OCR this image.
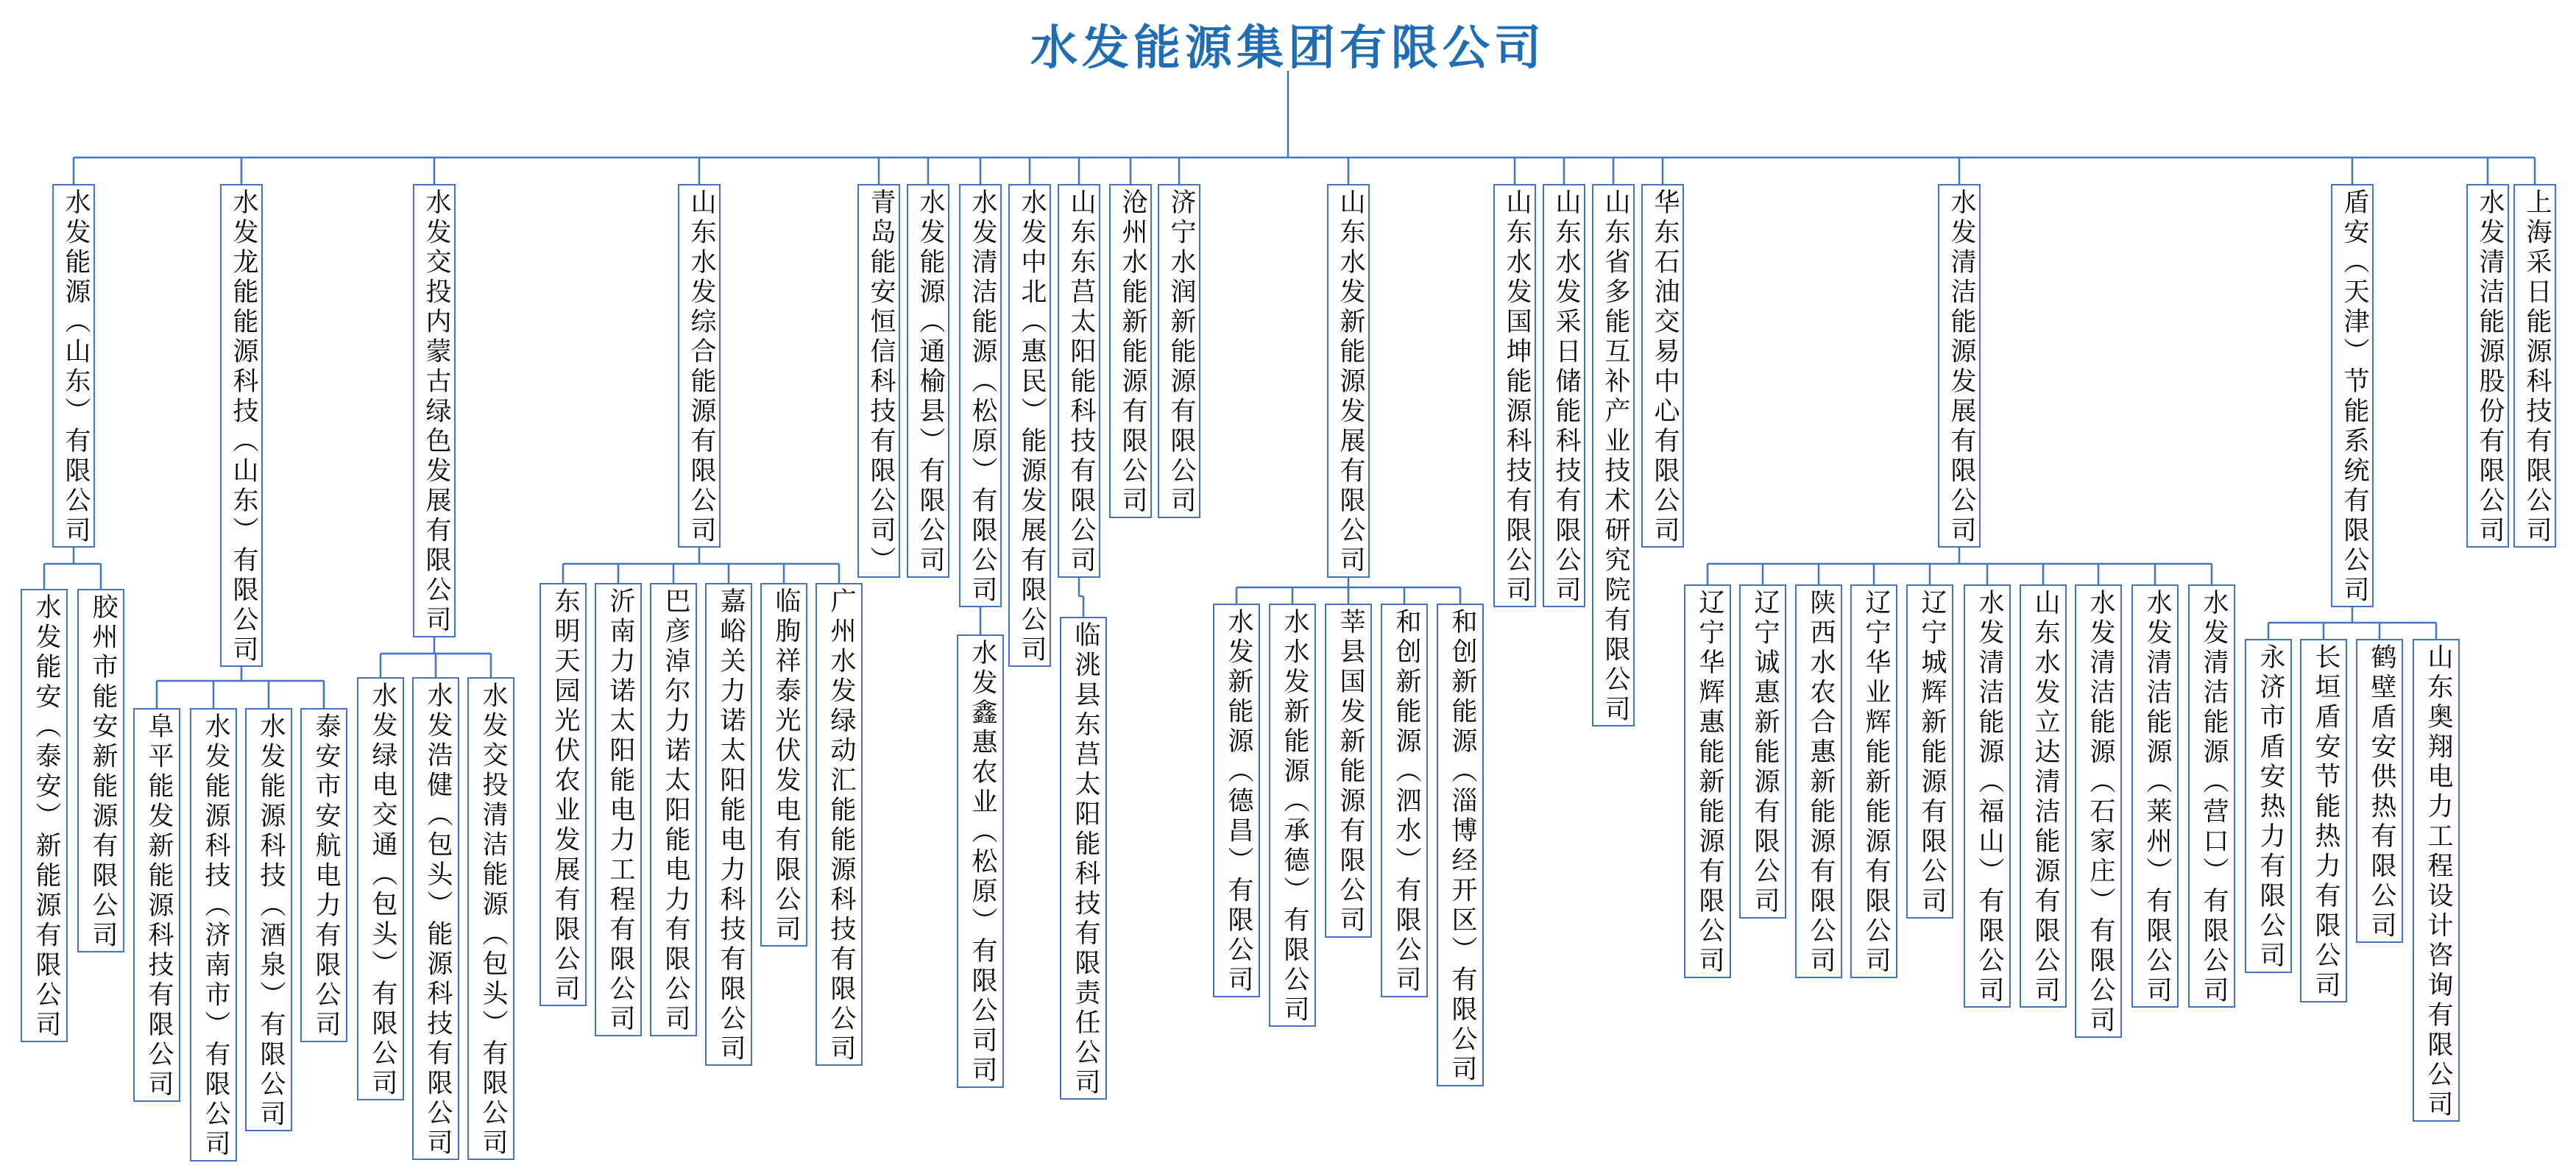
水发能源集团有限公司
水发能源（山东）有限公司
水发能安（泰安）新能源有限公司	胶州市能安新能源有限公司
水发龙能能源科技（山东）有限公司
阜平能发新能源科技有限公司	水发能源科技（济南市）有限公司	水发能源科技（酒泉）有限公司	泰安市安航电力有限公司
水发交投内蒙古绿色发展有限公司
水发绿电交通（包头）有限公司	水发浩健（包头）能源科技有限公司	水发交投清洁能源（包头）有限公司
山东水发综合能源有限公司
东明天园光伏农业发展有限公司	沂南力诺太阳能电力工程有限公司	巴彦淖尔力诺太阳能电力有限公司	嘉峪关力诺太阳能电力科技有限公司	临朐祥泰光伏发电有限公司	广州水发绿动汇能能源科技有限公司
青岛能安恒信科技有限公司） 水发能源（通榆县）有限公司 水发清洁能源（松原）有限公司
水发鑫惠农业（松原）有限公司司
水发中北（惠民）能源发展有限公司 山东东莒太阳能科技有限公司
临洮县东莒太阳能科技有限责任公司
沧州水能新能源有限公司 济宁水润新能源有限公司	山东水发新能源发展有限公司
水发新能源（德昌）有限公司	水水发新能源（承德）有限公司	莘县国发新能源有限公司	和创新能源（泗水）有限公司	和创新能源（淄博经开区）有限公司
山东水发国坤能源科技有限公司 山东水发采日储能科技有限公司 山东省多能互补产业技术研究院有限公司 华东石油交易中心有限公司	水发清洁能源发展有限公司
辽宁华辉惠能新能源有限公司	辽宁诚惠新能源有限公司	陕西水农合惠新能源有限公司	辽宁华业辉能新能源有限公司	辽宁城辉新能源有限公司	水发清洁能源（福山）有限公司	山东水发立达清洁能源有限公司	水发清洁能源（石家庄）有限公司	水发清洁能源（莱州）有限公司	水发清洁能源（营口）有限公司
盾安（天津）节能系统有限公司
永济市盾安热力有限公司	长垣盾安节能热力有限公司	鹤壁盾安供热有限公司	山东奥翔电力工程设计咨询有限公司
水发清洁能源股份有限公司 上海采日能源科技有限公司
